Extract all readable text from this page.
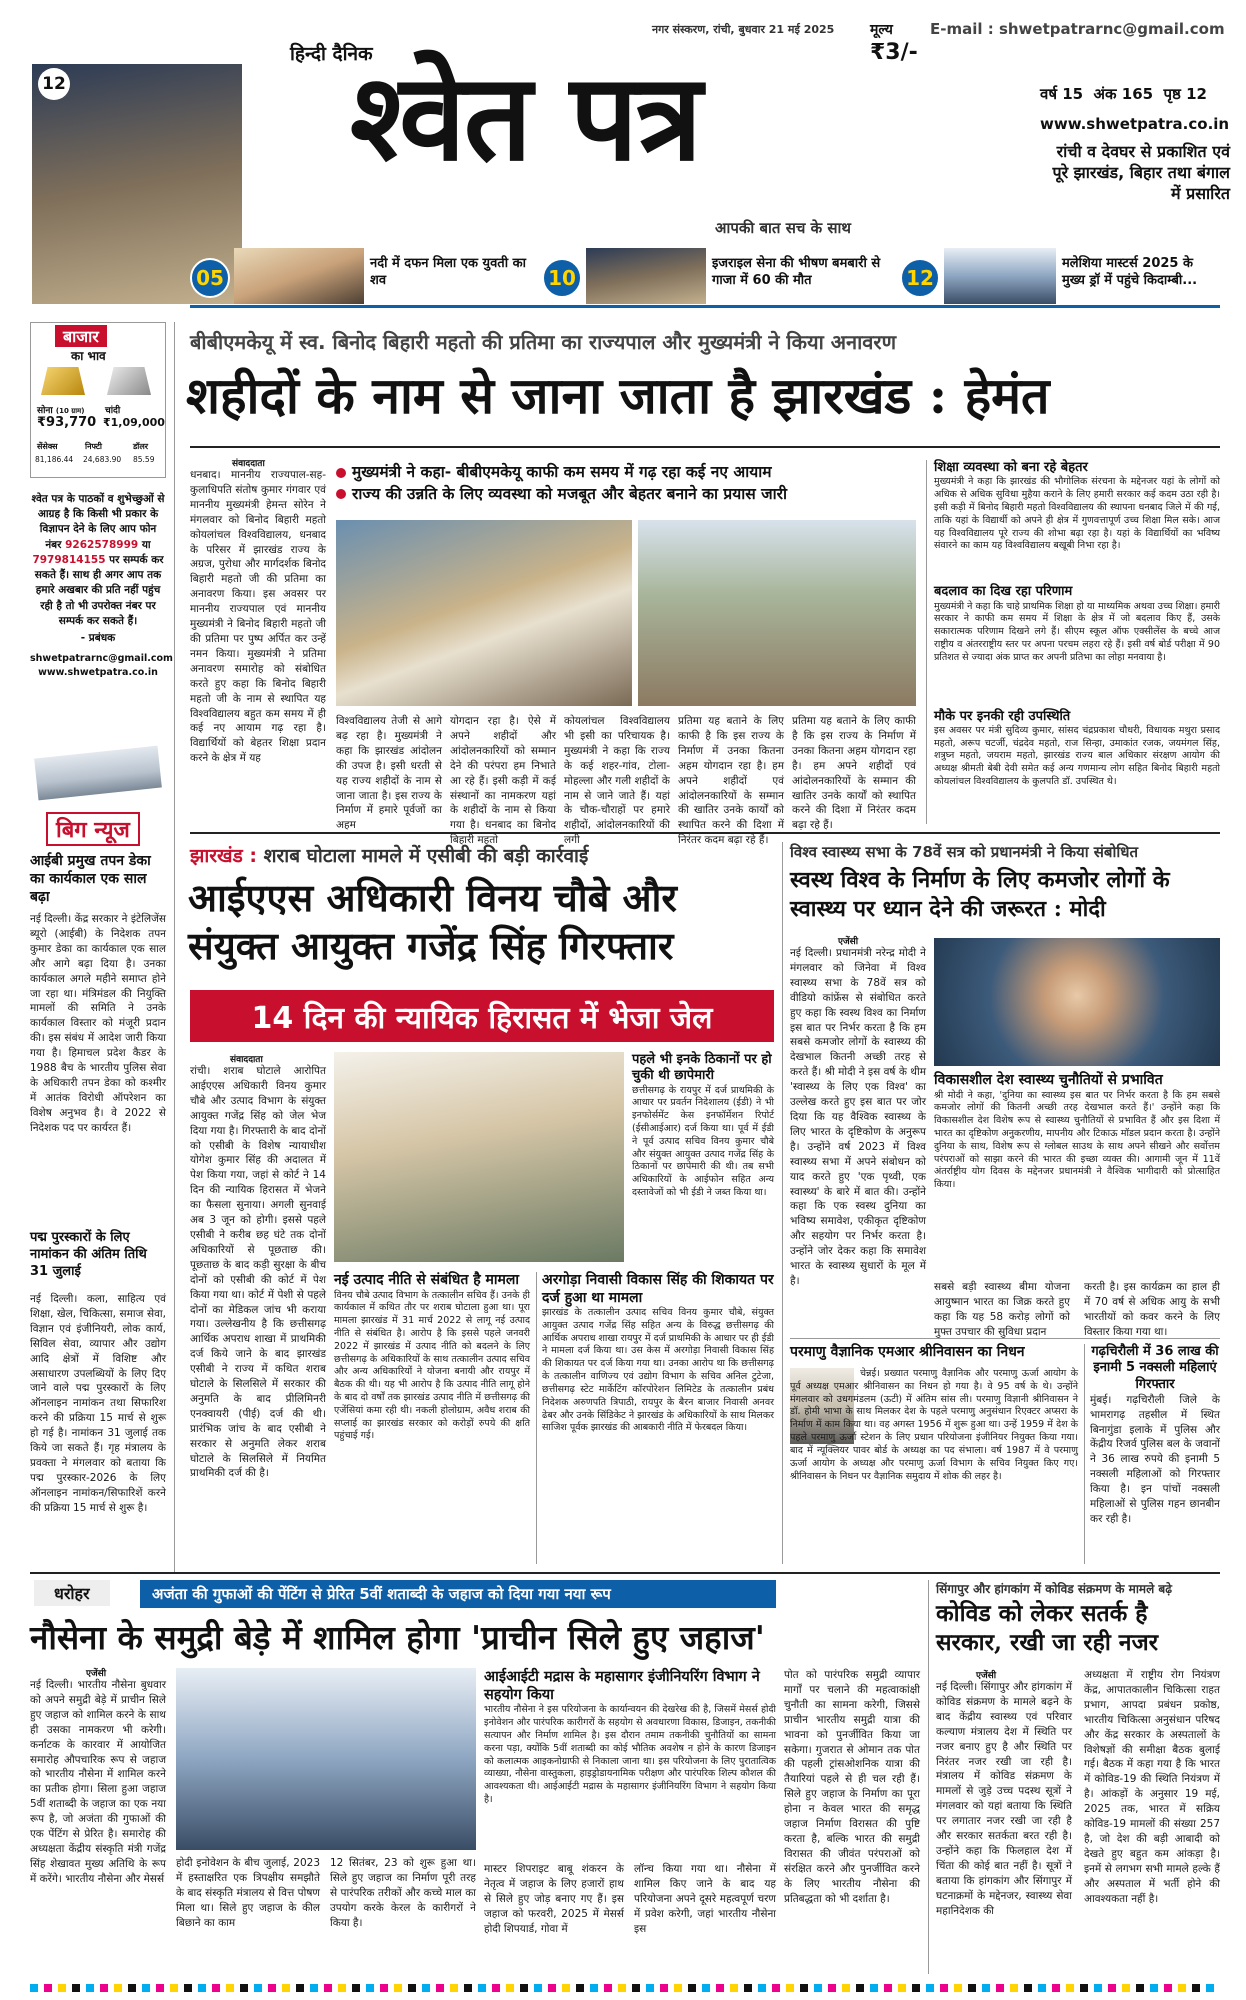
नगर संस्करण, रांची, बुधवार 21 मई 2025	मूल्य
₹3/-
E-mail : shwetpatrarnc@gmail.com
हिन्दी दैनिक
12 श्वेत पत्र
आपकी बात सच के साथ
वर्ष 15  अंक 165  पृष्ठ 12
www.shwetpatra.co.in
रांची व देवघर से प्रकाशित एवं पूरे झारखंड, बिहार तथा बंगाल में प्रसारित
05
नदी में दफन मिला एक युवती का शव	10
इजराइल सेना की भीषण बमबारी से गाजा में 60 की मौत	12
मलेशिया मास्टर्स 2025 के मुख्य ड्रॉ में पहुंचे किदाम्बी...
बाजार
का भाव
सोना (10 ग्राम) चांदी
₹93,770 ₹1,09,000
सेंसेक्स	निफ्टी	डॉलर
81,186.44 24,683.90 85.59
श्वेत पत्र के पाठकों व शुभेच्छुओं से आग्रह है कि किसी भी प्रकार के विज्ञापन देने के लिए आप फोन नंबर 9262578999 या 7979814155 पर सम्पर्क कर सकते हैं। साथ ही अगर आप तक हमारे अखबार की प्रति नहीं पहुंच रही है तो भी उपरोक्त नंबर पर सम्पर्क कर सकते हैं।
- प्रबंधक
shwetpatrarnc@gmail.com
www.shwetpatra.co.in
बिग न्यूज
आईबी प्रमुख तपन डेका का कार्यकाल एक साल बढ़ा
नई दिल्ली। केंद्र सरकार ने इंटेलिजेंस ब्यूरो (आईबी) के निदेशक तपन कुमार डेका का कार्यकाल एक साल और आगे बढ़ा दिया है। उनका कार्यकाल अगले महीने समाप्त होने जा रहा था। मंत्रिमंडल की नियुक्ति मामलों की समिति ने उनके कार्यकाल विस्तार को मंजूरी प्रदान की। इस संबंध में आदेश जारी किया गया है। हिमाचल प्रदेश कैडर के 1988 बैच के भारतीय पुलिस सेवा के अधिकारी तपन डेका को कश्मीर में आतंक विरोधी ऑपरेशन का विशेष अनुभव है। वे 2022 से निदेशक पद पर कार्यरत हैं।
पद्म पुरस्कारों के लिए नामांकन की अंतिम तिथि 31 जुलाई
नई दिल्ली। कला, साहित्य एवं शिक्षा, खेल, चिकित्सा, समाज सेवा, विज्ञान एवं इंजीनियरी, लोक कार्य, सिविल सेवा, व्यापार और उद्योग आदि क्षेत्रों में विशिष्ट और असाधारण उपलब्धियों के लिए दिए जाने वाले पद्म पुरस्कारों के लिए ऑनलाइन नामांकन तथा सिफारिश करने की प्रक्रिया 15 मार्च से शुरू हो गई है। नामांकन 31 जुलाई तक किये जा सकते हैं। गृह मंत्रालय के प्रवक्ता ने मंगलवार को बताया कि पद्म पुरस्कार-2026 के लिए ऑनलाइन नामांकन/सिफारिशें करने की प्रक्रिया 15 मार्च से शुरू है।
बीबीएमकेयू में स्व. बिनोद बिहारी महतो की प्रतिमा का राज्यपाल और मुख्यमंत्री ने किया अनावरण
शहीदों के नाम से जाना जाता है झारखंड : हेमंत
संवाददाता
धनबाद। माननीय राज्यपाल-सह-कुलाधिपति संतोष कुमार गंगवार एवं माननीय मुख्यमंत्री हेमन्त सोरेन ने मंगलवार को बिनोद बिहारी महतो कोयलांचल विश्वविद्यालय, धनबाद के परिसर में झारखंड राज्य के अग्रज, पुरोधा और मार्गदर्शक बिनोद बिहारी महतो जी की प्रतिमा का अनावरण किया। इस अवसर पर माननीय राज्यपाल एवं माननीय मुख्यमंत्री ने बिनोद बिहारी महतो जी की प्रतिमा पर पुष्प अर्पित कर उन्हें नमन किया। मुख्यमंत्री ने प्रतिमा अनावरण समारोह को संबोधित करते हुए कहा कि बिनोद बिहारी महतो जी के नाम से स्थापित यह विश्वविद्यालय बहुत कम समय में ही कई नए आयाम गढ़ रहा है। विद्यार्थियों को बेहतर शिक्षा प्रदान करने के क्षेत्र में यह
मुख्यमंत्री ने कहा- बीबीएमकेयू काफी कम समय में गढ़ रहा कई नए आयाम
राज्य की उन्नति के लिए व्यवस्था को मजबूत और बेहतर बनाने का प्रयास जारी
विश्वविद्यालय तेजी से आगे बढ़ रहा है। मुख्यमंत्री ने कहा कि झारखंड आंदोलन की उपज है। इसी धरती से यह राज्य शहीदों के नाम से जाना जाता है। इस राज्य के निर्माण में हमारे पूर्वजों का अहम
योगदान रहा है। ऐसे में अपने शहीदों और आंदोलनकारियों को सम्मान देने की परंपरा हम निभाते आ रहे हैं। इसी कड़ी में कई संस्थानों का नामकरण यहां के शहीदों के नाम से किया गया है। धनबाद का बिनोद बिहारी महतो
कोयलांचल विश्वविद्यालय भी इसी का परिचायक है। मुख्यमंत्री ने कहा कि राज्य के कई शहर-गांव, टोला-मोहल्ला और गली शहीदों के नाम से जाने जाते हैं। यहां के चौक-चौराहों पर हमारे शहीदों, आंदोलनकारियों की लगी
प्रतिमा यह बताने के लिए काफी है कि इस राज्य के निर्माण में उनका कितना अहम योगदान रहा है। हम अपने शहीदों एवं आंदोलनकारियों के सम्मान की खातिर उनके कार्यों को स्थापित करने की दिशा में निरंतर कदम बढ़ा रहे हैं।
प्रतिमा यह बताने के लिए काफी है कि इस राज्य के निर्माण में उनका कितना अहम योगदान रहा है। हम अपने शहीदों एवं आंदोलनकारियों के सम्मान की खातिर उनके कार्यों को स्थापित करने की दिशा में निरंतर कदम बढ़ा रहे हैं।
शिक्षा व्यवस्था को बना रहे बेहतर
मुख्यमंत्री ने कहा कि झारखंड की भौगोलिक संरचना के मद्देनजर यहां के लोगों को अधिक से अधिक सुविधा मुहैया कराने के लिए हमारी सरकार कई कदम उठा रही है। इसी कड़ी में बिनोद बिहारी महतो विश्वविद्यालय की स्थापना धनबाद जिले में की गई, ताकि यहां के विद्यार्थी को अपने ही क्षेत्र में गुणवत्तापूर्ण उच्च शिक्षा मिल सके। आज यह विश्वविद्यालय पूरे राज्य की शोभा बढ़ा रहा है। यहां के विद्यार्थियों का भविष्य संवारने का काम यह विश्वविद्यालय बखूबी निभा रहा है।
बदलाव का दिख रहा परिणाम
मुख्यमंत्री ने कहा कि चाहे प्राथमिक शिक्षा हो या माध्यमिक अथवा उच्च शिक्षा। हमारी सरकार ने काफी कम समय में शिक्षा के क्षेत्र में जो बदलाव किए हैं, उसके सकारात्मक परिणाम दिखने लगे हैं। सीएम स्कूल ऑफ एक्सीलेंस के बच्चे आज राष्ट्रीय व अंतरराष्ट्रीय स्तर पर अपना परचम लहरा रहे हैं। इसी वर्ष बोर्ड परीक्षा में 90 प्रतिशत से ज्यादा अंक प्राप्त कर अपनी प्रतिभा का लोहा मनवाया है।
मौके पर इनकी रही उपस्थिति
इस अवसर पर मंत्री सुदिव्य कुमार, सांसद चंद्रप्रकाश चौधरी, विधायक मथुरा प्रसाद महतो, अरूप चटर्जी, चंद्रदेव महतो, राज सिन्हा, उमाकांत रजक, जयमंगल सिंह, शत्रुघ्न महतो, जयराम महतो, झारखंड राज्य बाल अधिकार संरक्षण आयोग की अध्यक्ष श्रीमती बेबी देवी समेत कई अन्य गणमान्य लोग सहित बिनोद बिहारी महतो कोयलांचल विश्वविद्यालय के कुलपति डॉ. उपस्थित थे।
झारखंड : शराब घोटाला मामले में एसीबी की बड़ी कार्रवाई
आईएएस अधिकारी विनय चौबे और संयुक्त आयुक्त गजेंद्र सिंह गिरफ्तार
14 दिन की न्यायिक हिरासत में भेजा जेल
संवाददाता
रांची। शराब घोटाले आरोपित आईएएस अधिकारी विनय कुमार चौबे और उत्पाद विभाग के संयुक्त आयुक्त गजेंद्र सिंह को जेल भेज दिया गया है। गिरफ्तारी के बाद दोनों को एसीबी के विशेष न्यायाधीश योगेश कुमार सिंह की अदालत में पेश किया गया, जहां से कोर्ट ने 14 दिन की न्यायिक हिरासत में भेजने का फैसला सुनाया। अगली सुनवाई अब 3 जून को होगी। इससे पहले एसीबी ने करीब छह घंटे तक दोनों अधिकारियों से पूछताछ की। पूछताछ के बाद कड़ी सुरक्षा के बीच दोनों को एसीबी की कोर्ट में पेश किया गया था। कोर्ट में पेशी से पहले दोनों का मेडिकल जांच भी कराया गया। उल्लेखनीय है कि छत्तीसगढ़ आर्थिक अपराध शाखा में प्राथमिकी दर्ज किये जाने के बाद झारखंड एसीबी ने राज्य में कथित शराब घोटाले के सिलसिले में सरकार की अनुमति के बाद प्रीलिमिनरी एनक्वायरी (पीई) दर्ज की थी। प्रारंभिक जांच के बाद एसीबी ने सरकार से अनुमति लेकर शराब घोटाले के सिलसिले में नियमित प्राथमिकी दर्ज की है।
पहले भी इनके ठिकानों पर हो चुकी थी छापेमारी
छत्तीसगढ़ के रायपुर में दर्ज प्राथमिकी के आधार पर प्रवर्तन निदेशालय (ईडी) ने भी इनफोर्समेंट केस इनफॉर्मेशन रिपोर्ट (ईसीआईआर) दर्ज किया था। पूर्व में ईडी ने पूर्व उत्पाद सचिव विनय कुमार चौबे और संयुक्त आयुक्त उत्पाद गजेंद्र सिंह के ठिकानों पर छापेमारी की थी। तब सभी अधिकारियों के आईफोन सहित अन्य दस्तावेजों को भी ईडी ने जब्त किया था।
नई उत्पाद नीति से संबंधित है मामला
विनय चौबे उत्पाद विभाग के तत्कालीन सचिव हैं। उनके ही कार्यकाल में कथित तौर पर शराब घोटाला हुआ था। पूरा मामला झारखंड में 31 मार्च 2022 से लागू नई उत्पाद नीति से संबंधित है। आरोप है कि इससे पहले जनवरी 2022 में झारखंड में उत्पाद नीति को बदलने के लिए छत्तीसगढ़ के अधिकारियों के साथ तत्कालीन उत्पाद सचिव और अन्य अधिकारियों ने योजना बनायी और रायपुर में बैठक की थी। यह भी आरोप है कि उत्पाद नीति लागू होने के बाद दो वर्षों तक झारखंड उत्पाद नीति में छत्तीसगढ़ की एजेंसियां कमा रही थी। नकली होलोग्राम, अवैध शराब की सप्लाई का झारखंड सरकार को करोड़ों रुपये की क्षति पहुंचाई गई।
अरगोड़ा निवासी विकास सिंह की शिकायत पर दर्ज हुआ था मामला
झारखंड के तत्कालीन उत्पाद सचिव विनय कुमार चौबे, संयुक्त आयुक्त उत्पाद गजेंद्र सिंह सहित अन्य के विरुद्ध छत्तीसगढ़ की आर्थिक अपराध शाखा रायपुर में दर्ज प्राथमिकी के आधार पर ही ईडी ने मामला दर्ज किया था। उस केस में अरगोड़ा निवासी विकास सिंह की शिकायत पर दर्ज किया गया था। उनका आरोप था कि छत्तीसगढ़ के तत्कालीन वाणिज्य एवं उद्योग विभाग के सचिव अनिल टुटेजा, छत्तीसगढ़ स्टेट मार्केटिंग कॉरपोरेशन लिमिटेड के तत्कालीन प्रबंध निदेशक अरुणपति त्रिपाठी, रायपुर के बैरन बाजार निवासी अनवर ढेबर और उनके सिंडिकेट ने झारखंड के अधिकारियों के साथ मिलकर साजिश पूर्वक झारखंड की आबकारी नीति में फेरबदल किया।
विश्व स्वास्थ्य सभा के 78वें सत्र को प्रधानमंत्री ने किया संबोधित
स्वस्थ विश्व के निर्माण के लिए कमजोर लोगों के स्वास्थ्य पर ध्यान देने की जरूरत : मोदी
एजेंसी
नई दिल्ली। प्रधानमंत्री नरेन्द्र मोदी ने मंगलवार को जिनेवा में विश्व स्वास्थ्य सभा के 78वें सत्र को वीडियो कांफ्रेंस से संबोधित करते हुए कहा कि स्वस्थ विश्व का निर्माण इस बात पर निर्भर करता है कि हम सबसे कमजोर लोगों के स्वास्थ्य की देखभाल कितनी अच्छी तरह से करते हैं। श्री मोदी ने इस वर्ष के थीम 'स्वास्थ्य के लिए एक विश्व' का उल्लेख करते हुए इस बात पर जोर दिया कि यह वैश्विक स्वास्थ्य के लिए भारत के दृष्टिकोण के अनुरूप है। उन्होंने वर्ष 2023 में विश्व स्वास्थ्य सभा में अपने संबोधन को याद करते हुए 'एक पृथ्वी, एक स्वास्थ्य' के बारे में बात की। उन्होंने कहा कि एक स्वस्थ दुनिया का भविष्य समावेश, एकीकृत दृष्टिकोण और सहयोग पर निर्भर करता है। उन्होंने जोर देकर कहा कि समावेश भारत के स्वास्थ्य सुधारों के मूल में है।
विकासशील देश स्वास्थ्य चुनौतियों से प्रभावित
श्री मोदी ने कहा, 'दुनिया का स्वास्थ्य इस बात पर निर्भर करता है कि हम सबसे कमजोर लोगों की कितनी अच्छी तरह देखभाल करते हैं।' उन्होंने कहा कि विकासशील देश विशेष रूप से स्वास्थ्य चुनौतियों से प्रभावित हैं और इस दिशा में भारत का दृष्टिकोण अनुकरणीय, मापनीय और टिकाऊ मॉडल प्रदान करता है। उन्होंने दुनिया के साथ, विशेष रूप से ग्लोबल साउथ के साथ अपने सीखने और सर्वोत्तम परंपराओं को साझा करने की भारत की इच्छा व्यक्त की। आगामी जून में 11वें अंतर्राष्ट्रीय योग दिवस के मद्देनजर प्रधानमंत्री ने वैश्विक भागीदारी को प्रोत्साहित किया।
सबसे बड़ी स्वास्थ्य बीमा योजना आयुष्मान भारत का जिक्र करते हुए कहा कि यह 58 करोड़ लोगों को मुफ्त उपचार की सुविधा प्रदान
करती है। इस कार्यक्रम का हाल ही में 70 वर्ष से अधिक आयु के सभी भारतीयों को कवर करने के लिए विस्तार किया गया था।
परमाणु वैज्ञानिक एमआर श्रीनिवासन का निधन
चेन्नई। प्रख्यात परमाणु वैज्ञानिक और परमाणु ऊर्जा आयोग के पूर्व अध्यक्ष एमआर श्रीनिवासन का निधन हो गया है। वे 95 वर्ष के थे। उन्होंने मंगलवार को उधगमंडलम (ऊटी) में अंतिम सांस ली। परमाणु विज्ञानी श्रीनिवासन ने डॉ. होमी भाभा के साथ मिलकर देश के पहले परमाणु अनुसंधान रिएक्टर अप्सरा के निर्माण में काम किया था। वह अगस्त 1956 में शुरू हुआ था। उन्हें 1959 में देश के पहले परमाणु ऊर्जा स्टेशन के लिए प्रधान परियोजना इंजीनियर नियुक्त किया गया। बाद में न्यूक्लियर पावर बोर्ड के अध्यक्ष का पद संभाला। वर्ष 1987 में वे परमाणु ऊर्जा आयोग के अध्यक्ष और परमाणु ऊर्जा विभाग के सचिव नियुक्त किए गए। श्रीनिवासन के निधन पर वैज्ञानिक समुदाय में शोक की लहर है।
गढ़चिरौली में 36 लाख की इनामी 5 नक्सली महिलाएं गिरफ्तार
मुंबई। गढ़चिरौली जिले के भामरागढ़ तहसील में स्थित बिनागुंडा इलाके में पुलिस और केंद्रीय रिजर्व पुलिस बल के जवानों ने 36 लाख रुपये की इनामी 5 नक्सली महिलाओं को गिरफ्तार किया है। इन पांचों नक्सली महिलाओं से पुलिस गहन छानबीन कर रही है।
धरोहर	अजंता की गुफाओं की पेंटिंग से प्रेरित 5वीं शताब्दी के जहाज को दिया गया नया रूप
नौसेना के समुद्री बेड़े में शामिल होगा 'प्राचीन सिले हुए जहाज'
एजेंसी
नई दिल्ली। भारतीय नौसेना बुधवार को अपने समुद्री बेड़े में प्राचीन सिले हुए जहाज को शामिल करने के साथ ही उसका नामकरण भी करेगी। कर्नाटक के कारवार में आयोजित समारोह औपचारिक रूप से जहाज को भारतीय नौसेना में शामिल करने का प्रतीक होगा। सिला हुआ जहाज 5वीं शताब्दी के जहाज का एक नया रूप है, जो अजंता की गुफाओं की एक पेंटिंग से प्रेरित है। समारोह की अध्यक्षता केंद्रीय संस्कृति मंत्री गजेंद्र सिंह शेखावत मुख्य अतिथि के रूप में करेंगे। भारतीय नौसेना और मेसर्स
होदी इनोवेशन के बीच जुलाई, 2023 में हस्ताक्षरित एक त्रिपक्षीय समझौते के बाद संस्कृति मंत्रालय से वित्त पोषण मिला था। सिले हुए जहाज के कील बिछाने का काम
12 सितंबर, 23 को शुरू हुआ था। सिले हुए जहाज का निर्माण पूरी तरह से पारंपरिक तरीकों और कच्चे माल का उपयोग करके केरल के कारीगरों ने किया है।
आईआईटी मद्रास के महासागर इंजीनियरिंग विभाग ने सहयोग किया
भारतीय नौसेना ने इस परियोजना के कार्यान्वयन की देखरेख की है, जिसमें मेसर्स होदी इनोवेशन और पारंपरिक कारीगरों के सहयोग से अवधारणा विकास, डिजाइन, तकनीकी सत्यापन और निर्माण शामिल है। इस दौरान तमाम तकनीकी चुनौतियों का सामना करना पड़ा, क्योंकि 5वीं शताब्दी का कोई भौतिक अवशेष न होने के कारण डिजाइन को कलात्मक आइकनोग्राफी से निकाला जाना था। इस परियोजना के लिए पुरातात्विक व्याख्या, नौसेना वास्तुकला, हाइड्रोडायनामिक परीक्षण और पारंपरिक शिल्प कौशल की आवश्यकता थी। आईआईटी मद्रास के महासागर इंजीनियरिंग विभाग ने सहयोग किया है।
मास्टर शिपराइट बाबू शंकरन के नेतृत्व में जहाज के लिए हजारों हाथ से सिले हुए जोड़ बनाए गए हैं। इस जहाज को फरवरी, 2025 में मेसर्स होदी शिपयार्ड, गोवा में
लॉन्च किया गया था। नौसेना में शामिल किए जाने के बाद यह परियोजना अपने दूसरे महत्वपूर्ण चरण में प्रवेश करेगी, जहां भारतीय नौसेना इस
पोत को पारंपरिक समुद्री व्यापार मार्गों पर चलाने की महत्वाकांक्षी चुनौती का सामना करेगी, जिससे प्राचीन भारतीय समुद्री यात्रा की भावना को पुनर्जीवित किया जा सकेगा। गुजरात से ओमान तक पोत की पहली ट्रांसओशनिक यात्रा की तैयारियां पहले से ही चल रही हैं। सिले हुए जहाज के निर्माण का पूरा होना न केवल भारत की समृद्ध जहाज निर्माण विरासत की पुष्टि करता है, बल्कि भारत की समुद्री विरासत की जीवंत परंपराओं को संरक्षित करने और पुनर्जीवित करने के लिए भारतीय नौसेना की प्रतिबद्धता को भी दर्शाता है।
सिंगापुर और हांगकांग में कोविड संक्रमण के मामले बढ़े
कोविड को लेकर सतर्क है सरकार, रखी जा रही नजर
एजेंसी
नई दिल्ली। सिंगापुर और हांगकांग में कोविड संक्रमण के मामले बढ़ने के बाद केंद्रीय स्वास्थ्य एवं परिवार कल्याण मंत्रालय देश में स्थिति पर नजर बनाए हुए है और स्थिति पर निरंतर नजर रखी जा रही है। मंत्रालय में कोविड संक्रमण के मामलों से जुड़े उच्च पदस्थ सूत्रों ने मंगलवार को यहां बताया कि स्थिति पर लगातार नजर रखी जा रही है और सरकार सतर्कता बरत रही है। उन्होंने कहा कि फिलहाल देश में चिंता की कोई बात नहीं है। सूत्रों ने बताया कि हांगकांग और सिंगापुर में घटनाक्रमों के मद्देनजर, स्वास्थ्य सेवा महानिदेशक की
अध्यक्षता में राष्ट्रीय रोग नियंत्रण केंद्र, आपातकालीन चिकित्सा राहत प्रभाग, आपदा प्रबंधन प्रकोष्ठ, भारतीय चिकित्सा अनुसंधान परिषद और केंद्र सरकार के अस्पतालों के विशेषज्ञों की समीक्षा बैठक बुलाई गई। बैठक में कहा गया है कि भारत में कोविड-19 की स्थिति नियंत्रण में है। आंकड़ों के अनुसार 19 मई, 2025 तक, भारत में सक्रिय कोविड-19 मामलों की संख्या 257 है, जो देश की बड़ी आबादी को देखते हुए बहुत कम आंकड़ा है। इनमें से लगभग सभी मामले हल्के हैं और अस्पताल में भर्ती होने की आवश्यकता नहीं है।
